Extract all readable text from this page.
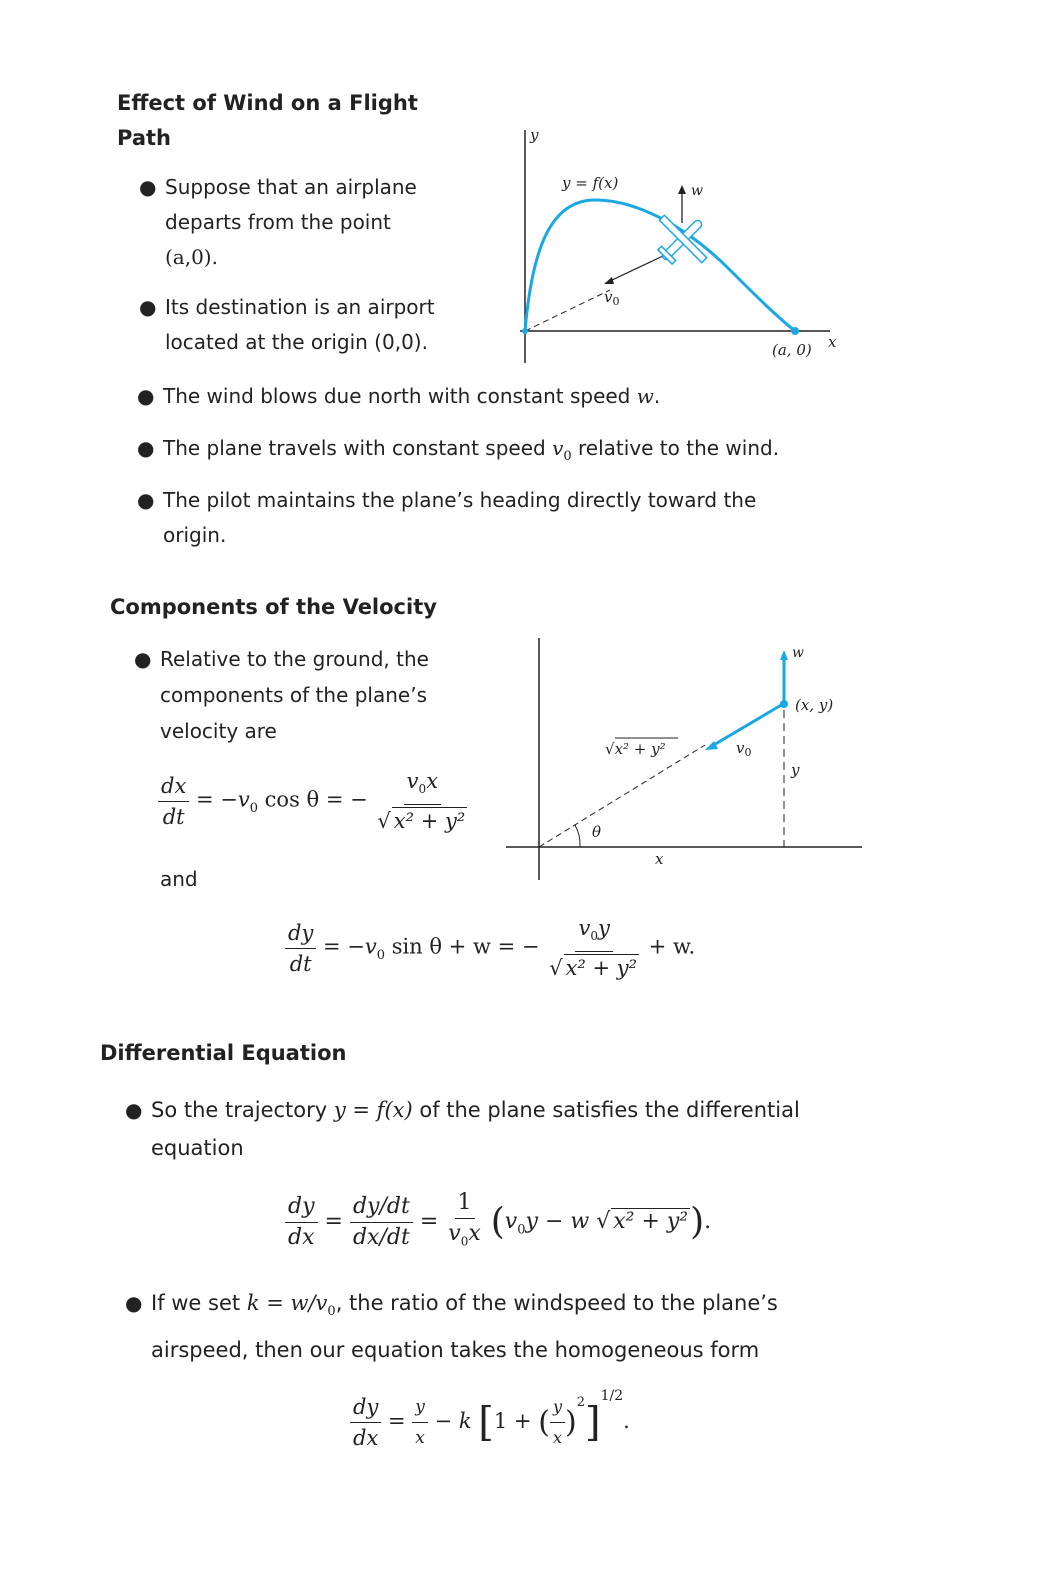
Effect of Wind on a Flight
Path
● Suppose that an airplane
departs from the point
(a,0).
● Its destination is an airport
located at the origin (0,0).
● The wind blows due north with constant speed w.
● The plane travels with constant speed $v_0$ relative to the wind.
● The pilot maintains the plane’s heading directly toward the
origin.
y
x
$v_0$
w
y = f(x)
(a, 0)
Components of the Velocity
● Relative to the ground, the
components of the plane’s
velocity are
$\frac{dx}{dt} = -v_0$ cos θ = − $\frac{v_0x}{\text{√ x² + y²}}$
and
$\frac{dy}{dt} = -v_0$ sin θ + w = − $\frac{v_0y}{\text{√ x² + y²}} + w$.
θ
x
y
w
(x, y)
$v_0$
√x² + y²
Differential Equation
● So the trajectory y = f(x) of the plane satisfies the differential
equation
$\frac{dy}{dx} = \frac{dy/dt}{dx/dt} = \frac{1}{v_0x} (v_0y - w$ √ x² + y²).
● If we set $k = w/v_0$, the ratio of the windspeed to the plane’s
airspeed, then our equation takes the homogeneous form
$\frac{dy}{dx} = \frac{y}{x} - k$ [1 + ( $\frac{y}{x} )^2]^{1/2}$.
